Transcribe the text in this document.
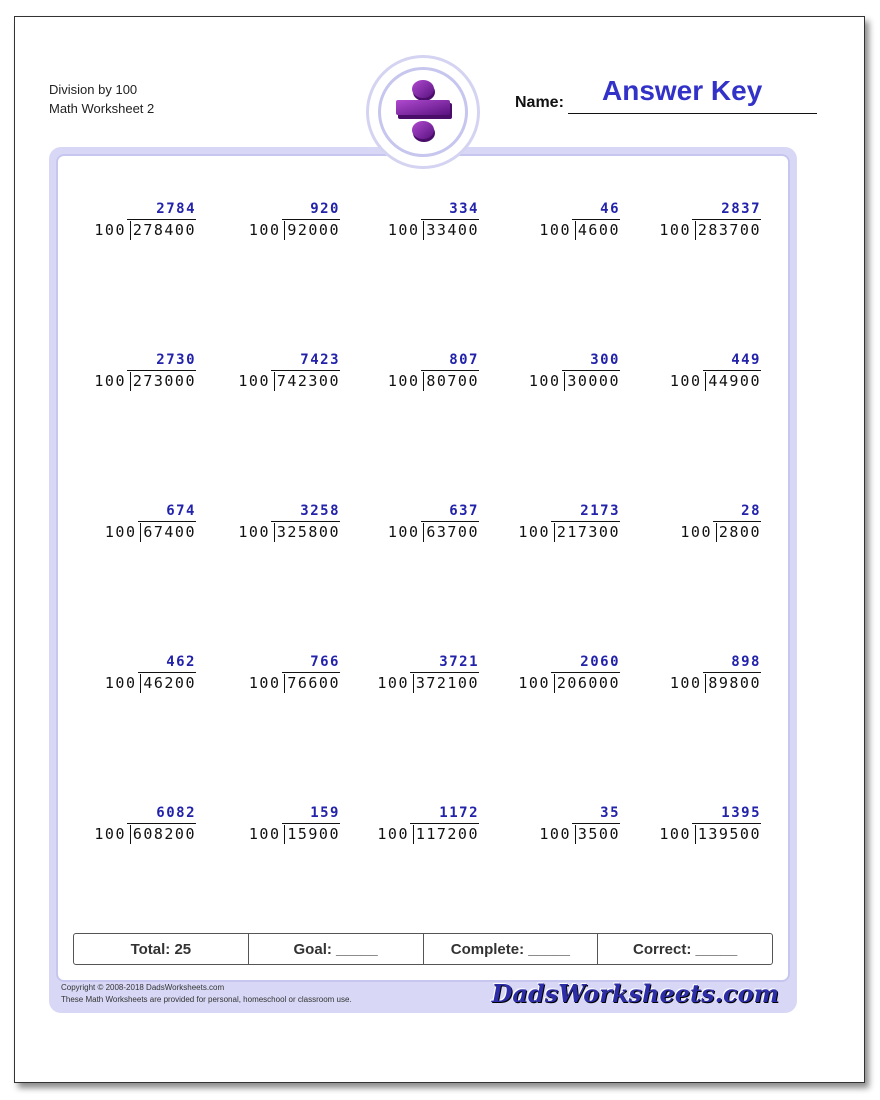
Division by 100
Math Worksheet 2	Name: Answer Key
2784
100 278400
920
100 92000
334
100 33400
46
100 4600
2837
100 283700
2730
100 273000
7423
100 742300
807
100 80700
300
100 30000
449
100 44900
674
100 67400
3258
100 325800
637
100 63700
2173
100 217300
28
100 2800
462
100 46200
766
100 76600
3721
100 372100
2060
100 206000
898
100 89800
6082
100 608200
159
100 15900
1172
100 117200
35
100 3500
1395
100 139500
Total: 25	Goal: _____	Complete: _____	Correct: _____
Copyright © 2008-2018 DadsWorksheets.com
These Math Worksheets are provided for personal, homeschool or classroom use.	DadsWorksheets.com
